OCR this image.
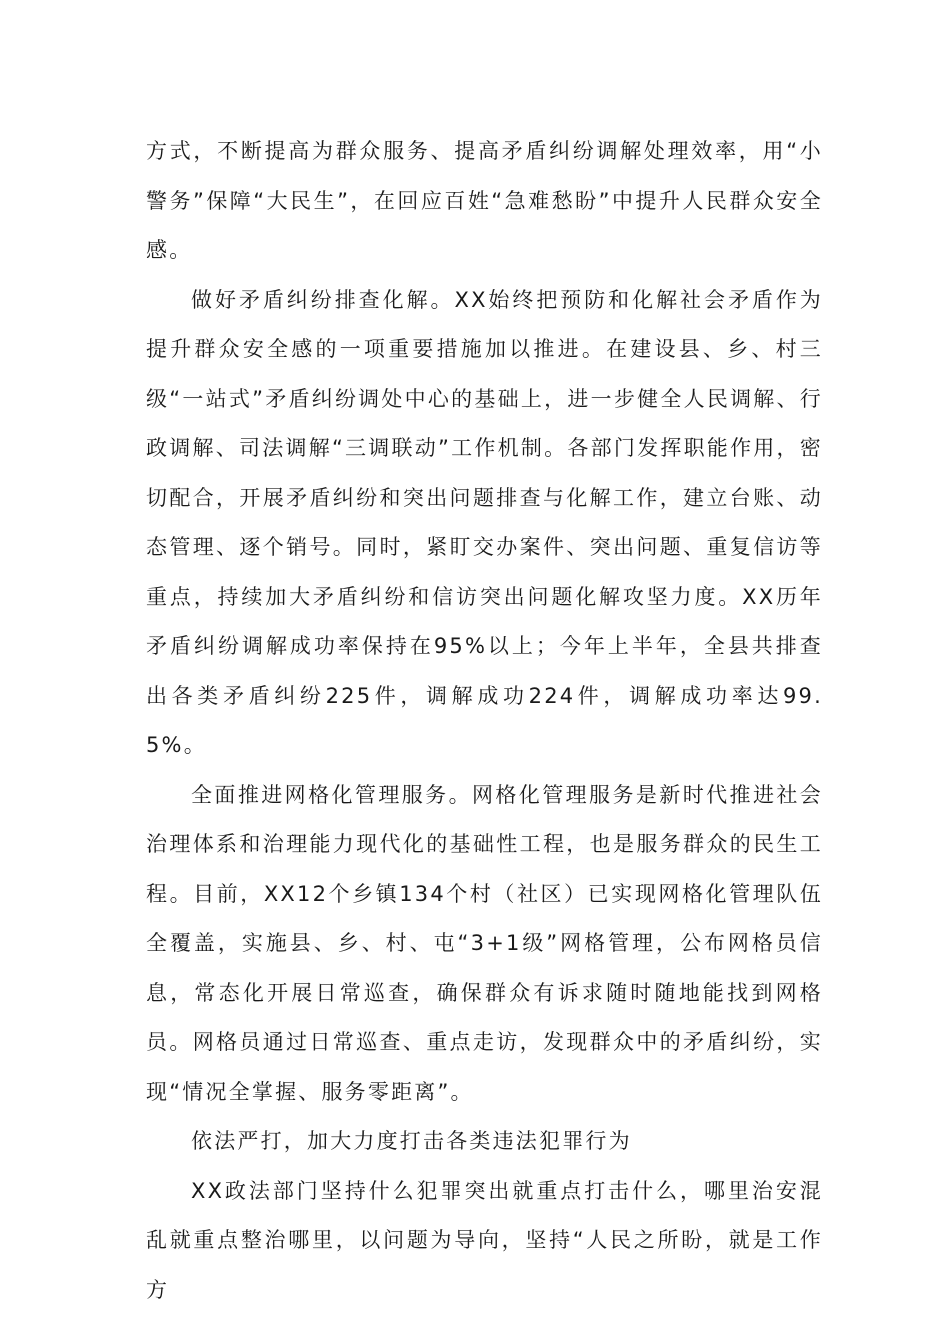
方式，不断提高为群众服务、提高矛盾纠纷调解处理效率，用“小警务”保障“大民生”，在回应百姓“急难愁盼”中提升人民群众安全感。

做好矛盾纠纷排查化解。XX始终把预防和化解社会矛盾作为提升群众安全感的一项重要措施加以推进。在建设县、乡、村三级“一站式”矛盾纠纷调处中心的基础上，进一步健全人民调解、行政调解、司法调解“三调联动”工作机制。各部门发挥职能作用，密切配合，开展矛盾纠纷和突出问题排查与化解工作，建立台账、动态管理、逐个销号。同时，紧盯交办案件、突出问题、重复信访等重点，持续加大矛盾纠纷和信访突出问题化解攻坚力度。XX历年矛盾纠纷调解成功率保持在95%以上；今年上半年，全县共排查出各类矛盾纠纷225件，调解成功224件，调解成功率达99.5%。

全面推进网格化管理服务。网格化管理服务是新时代推进社会治理体系和治理能力现代化的基础性工程，也是服务群众的民生工程。目前，XX12个乡镇134个村（社区）已实现网格化管理队伍全覆盖，实施县、乡、村、屯“3+1级”网格管理，公布网格员信息，常态化开展日常巡查，确保群众有诉求随时随地能找到网格员。网格员通过日常巡查、重点走访，发现群众中的矛盾纠纷，实现“情况全掌握、服务零距离”。

依法严打，加大力度打击各类违法犯罪行为

XX政法部门坚持什么犯罪突出就重点打击什么，哪里治安混乱就重点整治哪里，以问题为导向，坚持“人民之所盼，就是工作方
